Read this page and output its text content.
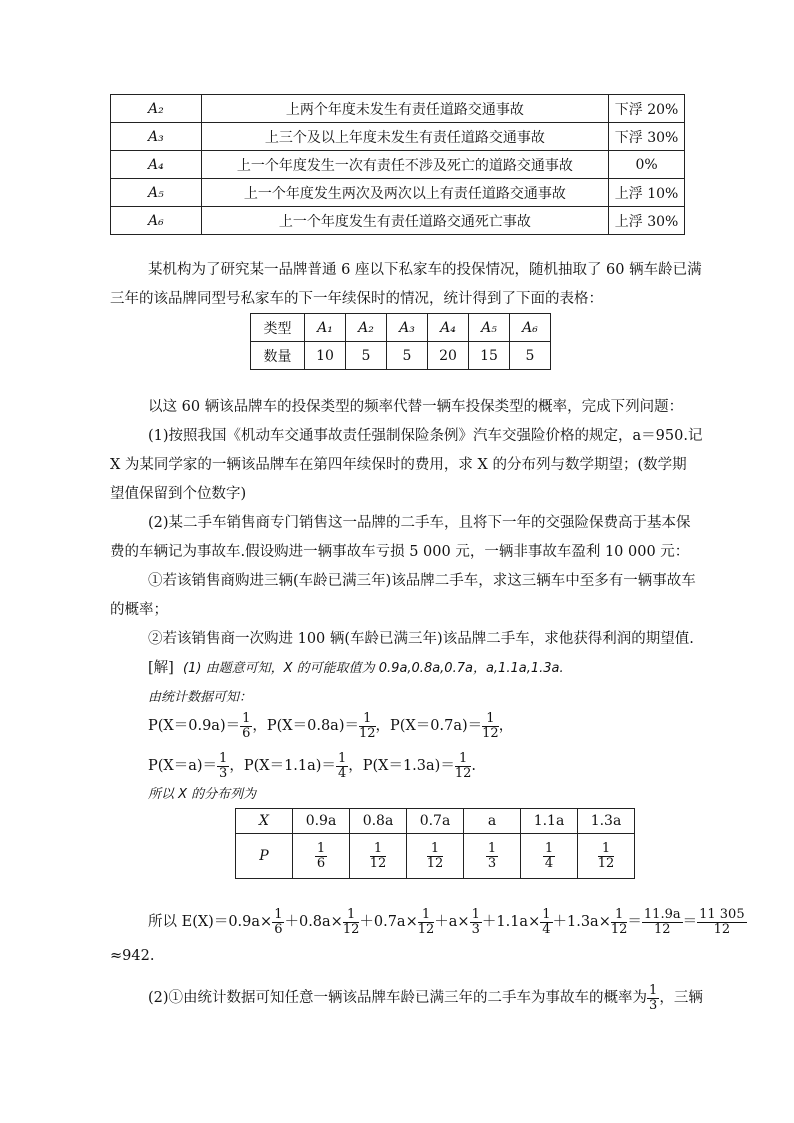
A₂	上两个年度未发生有责任道路交通事故	下浮 20%
A₃	上三个及以上年度未发生有责任道路交通事故	下浮 30%
A₄	上一个年度发生一次有责任不涉及死亡的道路交通事故	0%
A₅	上一个年度发生两次及两次以上有责任道路交通事故	上浮 10%
A₆	上一个年度发生有责任道路交通死亡事故	上浮 30%

某机构为了研究某一品牌普通 6 座以下私家车的投保情况，随机抽取了 60 辆车龄已满

三年的该品牌同型号私家车的下一年续保时的情况，统计得到了下面的表格：

类型	A₁	A₂	A₃	A₄	A₅	A₆
数量	10	5	5	20	15	5

以这 60 辆该品牌车的投保类型的频率代替一辆车投保类型的概率，完成下列问题：

(1)按照我国《机动车交通事故责任强制保险条例》汽车交强险价格的规定，a＝950.记

X 为某同学家的一辆该品牌车在第四年续保时的费用，求 X 的分布列与数学期望；(数学期

望值保留到个位数字)

(2)某二手车销售商专门销售这一品牌的二手车，且将下一年的交强险保费高于基本保

费的车辆记为事故车.假设购进一辆事故车亏损 5 000 元，一辆非事故车盈利 10 000 元：

①若该销售商购进三辆(车龄已满三年)该品牌二手车，求这三辆车中至多有一辆事故车

的概率；

②若该销售商一次购进 100 辆(车龄已满三年)该品牌二手车，求他获得利润的期望值.

[解] (1) 由题意可知，X 的可能取值为 0.9a,0.8a,0.7a，a,1.1a,1.3a.

由统计数据可知：

$P(X=0.9a)= \frac{1}{6}$ ，$P(X=0.8a)= \frac{1}{12}$ ，$P(X=0.7a)= \frac{1}{12}$ ，

$P(X=a)= \frac{1}{3}$ ，$P(X=1.1a)= \frac{1}{4}$ ，$P(X=1.3a)= \frac{1}{12}$ .

所以 X 的分布列为

X	0.9a	0.8a	0.7a	a	1.1a	1.3a
P	$\frac{1}{6}$	$\frac{1}{12}$	$\frac{1}{12}$	$\frac{1}{3}$	$\frac{1}{4}$	$\frac{1}{12}$

所以 $E(X)=0.9a\times \frac{1}{6} +0.8a\times \frac{1}{12} +0.7a\times \frac{1}{12} +a\times \frac{1}{3} +1.1a\times \frac{1}{4} +1.3a\times \frac{1}{12} = \frac{11.9a}{12} = \frac{11 305}{12}$

≈942.

(2)①由统计数据可知任意一辆该品牌车龄已满三年的二手车为事故车的概率为 $\frac{1}{3}$ ，三辆
